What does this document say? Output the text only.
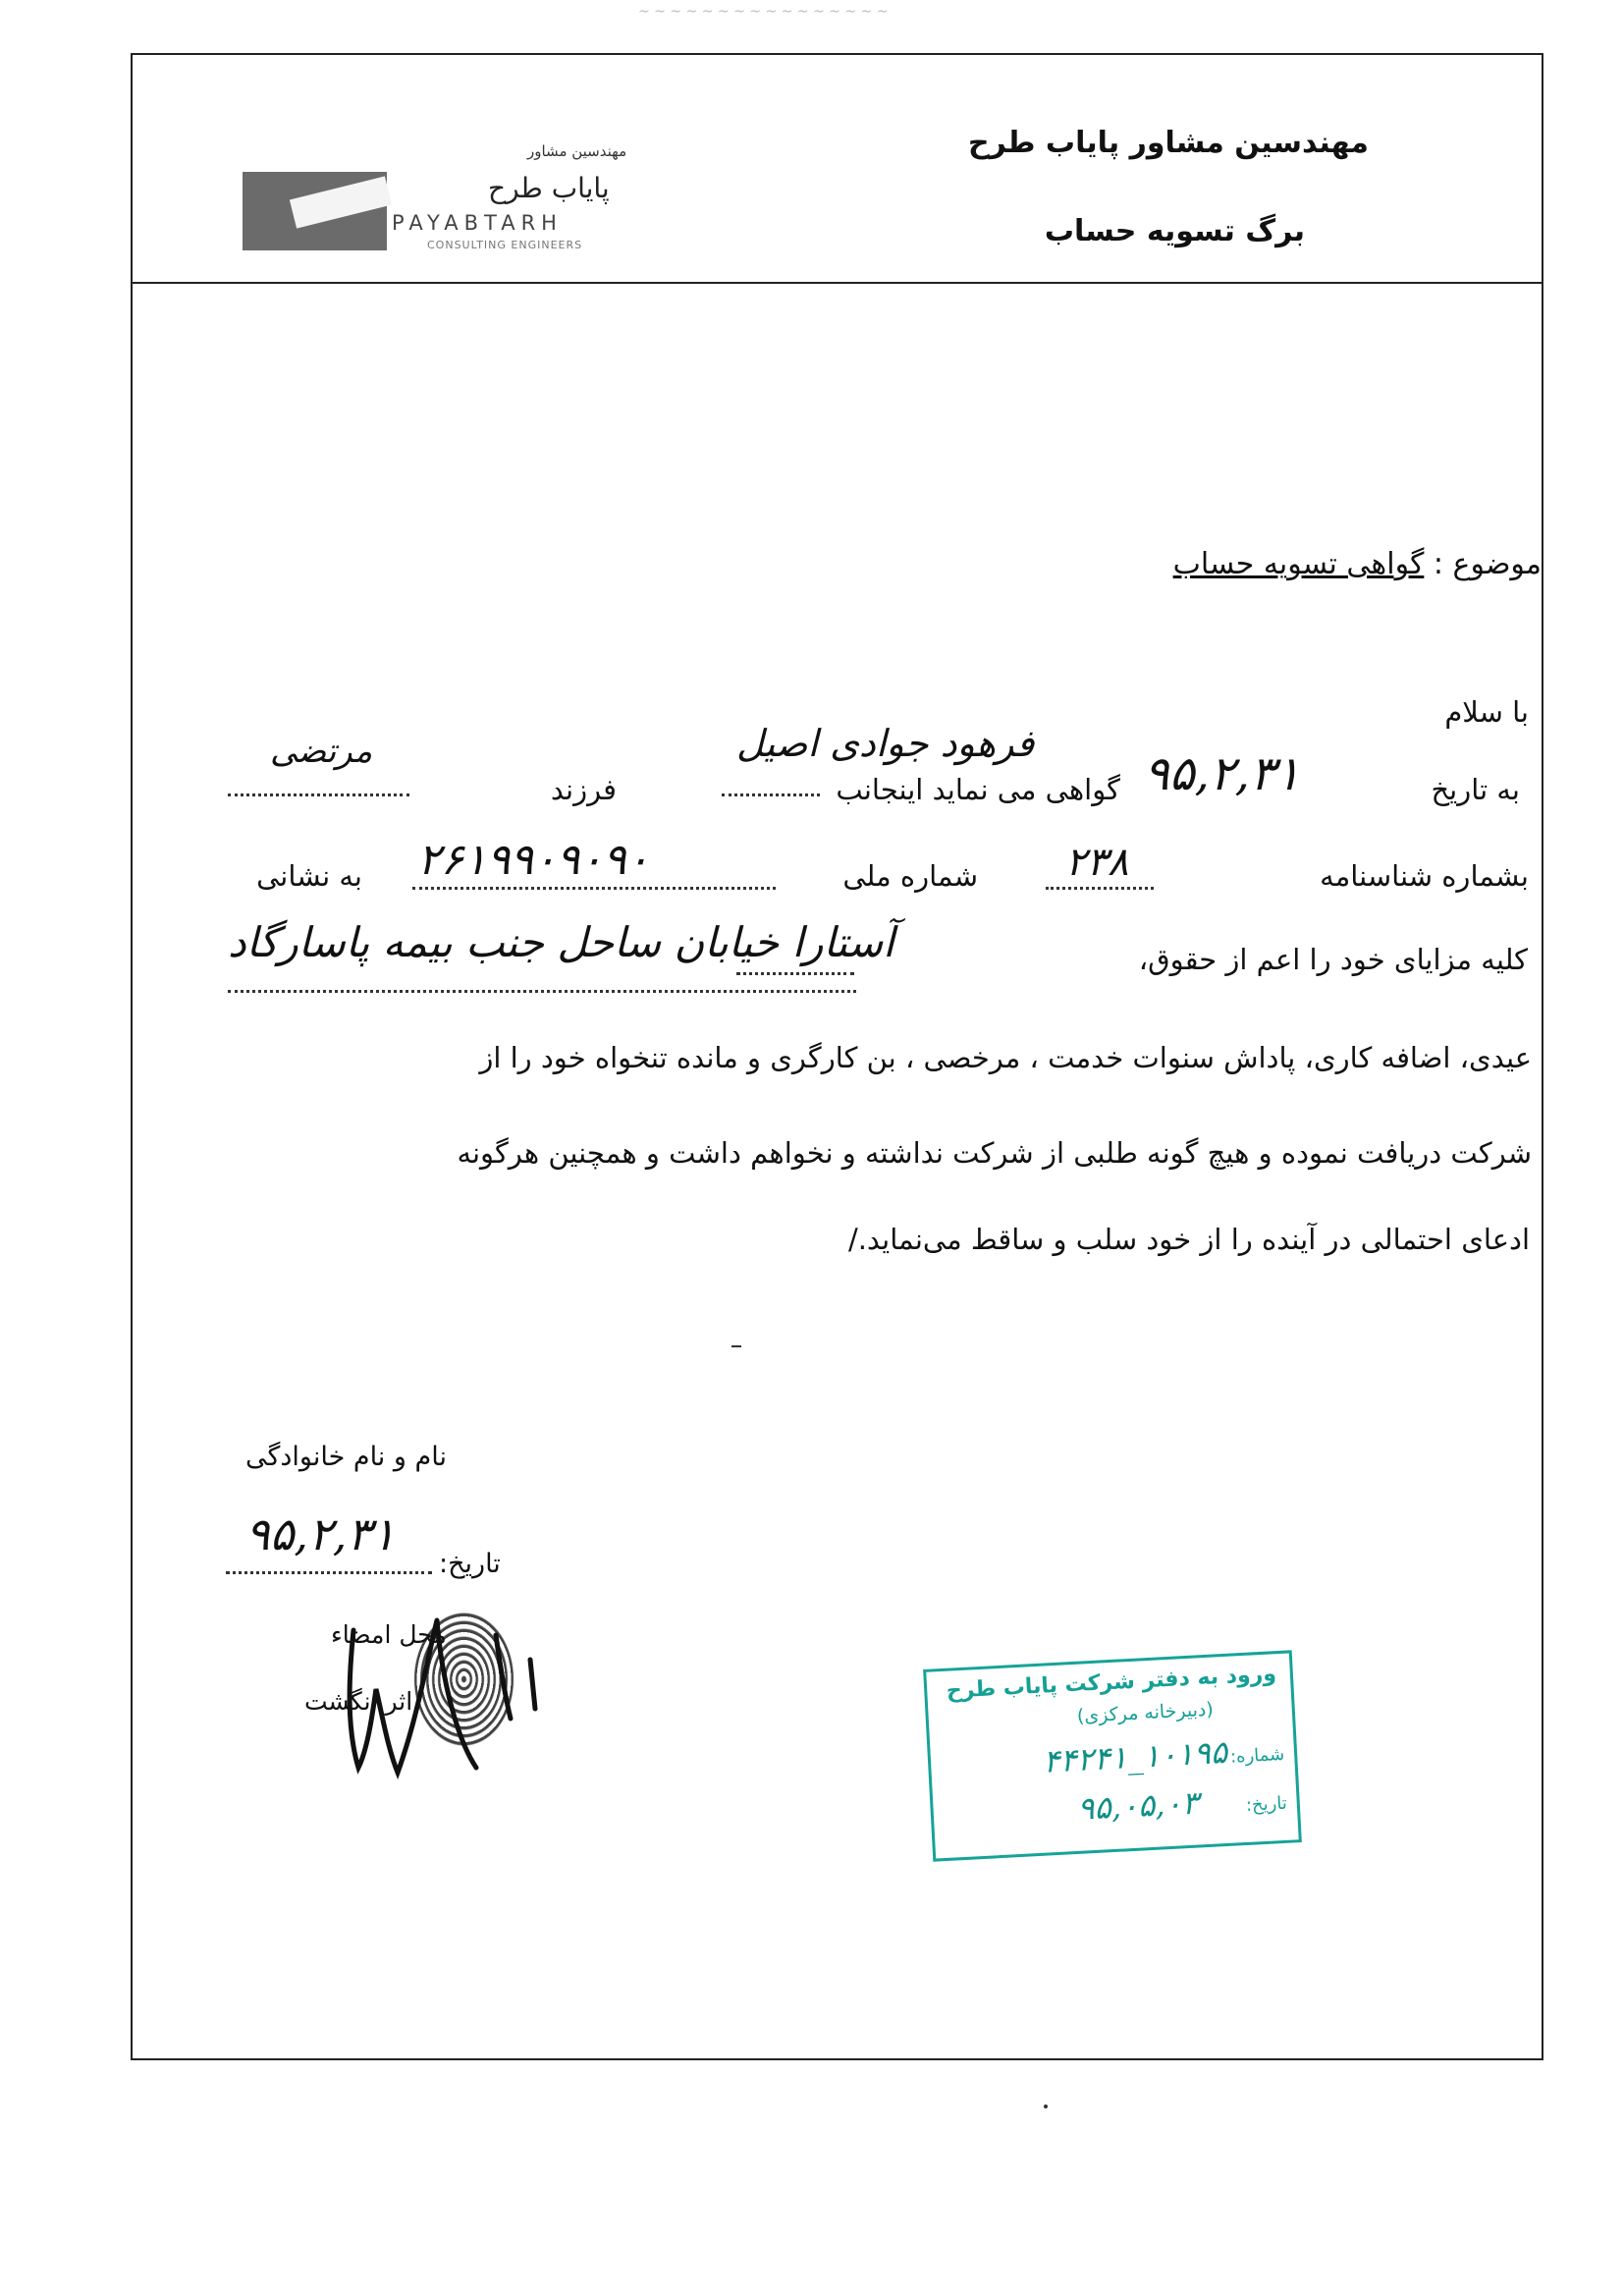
~ ~ ~ ~ ~ ~ ~ ~ ~ ~ ~ ~ ~ ~ ~ ~
مهندسین مشاور پایاب طرح
برگ تسویه حساب
مهندسین مشاور
پایاب طرح
PAYABTARH
CONSULTING ENGINEERS
موضوع : گواهی تسویه حساب
با سلام
به تاریخ
۹۵,۲,۳۱
گواهی می نماید اینجانب
فرهود جوادی اصیل
فرزند
مرتضی
بشماره شناسنامه
۲۳۸
شماره ملی
۲۶۱۹۹۰۹۰۹۰
به نشانی
آستارا خیابان ساحل جنب بیمه پاسارگاد	کلیه مزایای خود را اعم از حقوق،
عیدی، اضافه کاری، پاداش سنوات خدمت ، مرخصی ، بن کارگری و مانده تنخواه خود را از
شرکت دریافت نموده و هیچ گونه طلبی از شرکت نداشته و نخواهم داشت و همچنین هرگونه
ادعای احتمالی در آینده را از خود سلب و ساقط می‌نماید./
نام و نام خانوادگی
تاریخ:
۹۵,۲,۳۱
محل امضاء
اثر انگشت	ورود به دفتر شرکت پایاب طرح
(دبیرخانه مرکزی)
شماره:
۱۰۱۹۵_۴۴۲۴۱
تاریخ:
۹۵,۰۵,۰۳
